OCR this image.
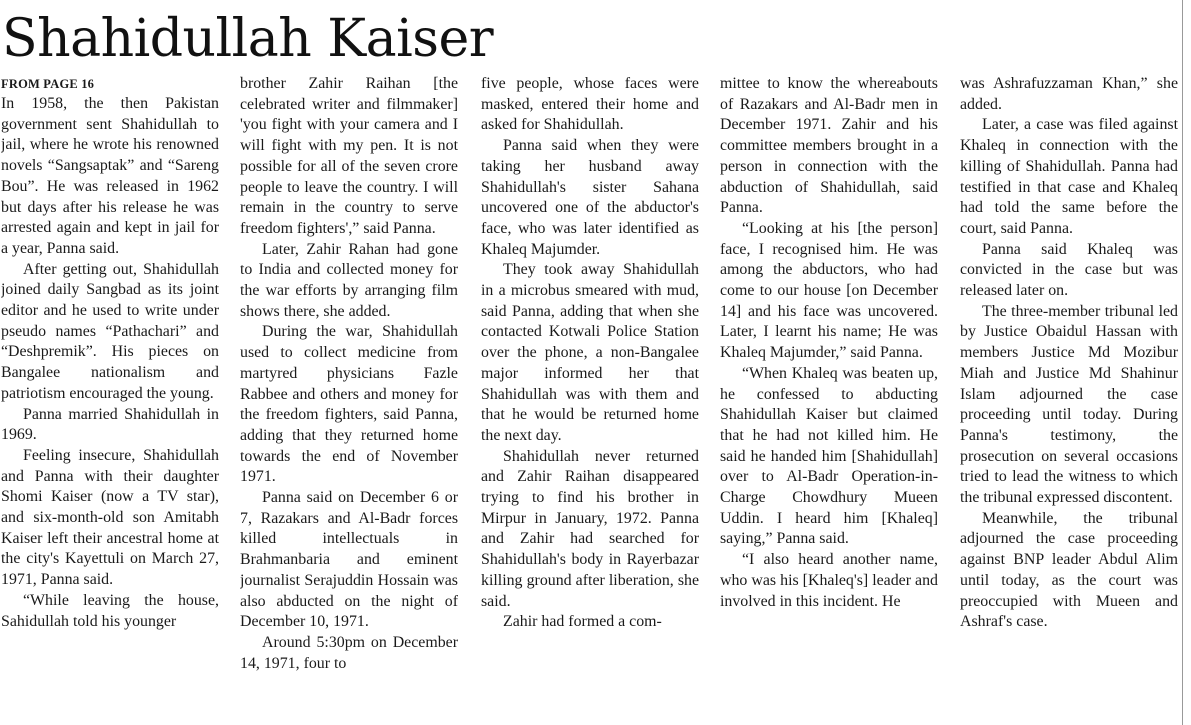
Shahidullah Kaiser
FROM PAGE 16

In 1958, the then Pakistan government sent Shahidullah to jail, where he wrote his renowned novels “Sangsaptak” and “Sareng Bou”. He was released in 1962 but days after his release he was arrested again and kept in jail for a year, Panna said.

After getting out, Shahidullah joined daily Sangbad as its joint editor and he used to write under pseudo names “Pathachari” and “Deshpremik”. His pieces on Bangalee nationalism and patriotism encouraged the young.

Panna married Shahidullah in 1969.

Feeling insecure, Shahidullah and Panna with their daughter Shomi Kaiser (now a TV star), and six-month-old son Amitabh Kaiser left their ancestral home at the city's Kayettuli on March 27, 1971, Panna said.

“While leaving the house, Sahidullah told his younger

brother Zahir Raihan [the celebrated writer and filmmaker] 'you fight with your camera and I will fight with my pen. It is not possible for all of the seven crore people to leave the country. I will remain in the country to serve freedom fighters',” said Panna.

Later, Zahir Rahan had gone to India and collected money for the war efforts by arranging film shows there, she added.

During the war, Shahidullah used to collect medicine from martyred physicians Fazle Rabbee and others and money for the freedom fighters, said Panna, adding that they returned home towards the end of November 1971.

Panna said on December 6 or 7, Razakars and Al-Badr forces killed intellectuals in Brahmanbaria and eminent journalist Serajuddin Hossain was also abducted on the night of December 10, 1971.

Around 5:30pm on December 14, 1971, four to

five people, whose faces were masked, entered their home and asked for Shahidullah.

Panna said when they were taking her husband away Shahidullah's sister Sahana uncovered one of the abductor's face, who was later identified as Khaleq Majumder.

They took away Shahidullah in a microbus smeared with mud, said Panna, adding that when she contacted Kotwali Police Station over the phone, a non-Bangalee major informed her that Shahidullah was with them and that he would be returned home the next day.

Shahidullah never returned and Zahir Raihan disappeared trying to find his brother in Mirpur in January, 1972. Panna and Zahir had searched for Shahidullah's body in Rayerbazar killing ground after liberation, she said.

Zahir had formed a com-

mittee to know the whereabouts of Razakars and Al-Badr men in December 1971. Zahir and his committee members brought in a person in connection with the abduction of Shahidullah, said Panna.

“Looking at his [the person] face, I recognised him. He was among the abductors, who had come to our house [on December 14] and his face was uncovered. Later, I learnt his name; He was Khaleq Majumder,” said Panna.

“When Khaleq was beaten up, he confessed to abducting Shahidullah Kaiser but claimed that he had not killed him. He said he handed him [Shahidullah] over to Al-Badr Operation-in-Charge Chowdhury Mueen Uddin. I heard him [Khaleq] saying,” Panna said.

“I also heard another name, who was his [Khaleq's] leader and involved in this incident. He

was Ashrafuzzaman Khan,” she added.

Later, a case was filed against Khaleq in connection with the killing of Shahidullah. Panna had testified in that case and Khaleq had told the same before the court, said Panna.

Panna said Khaleq was convicted in the case but was released later on.

The three-member tribunal led by Justice Obaidul Hassan with members Justice Md Mozibur Miah and Justice Md Shahinur Islam adjourned the case proceeding until today. During Panna's testimony, the prosecution on several occasions tried to lead the witness to which the tribunal expressed discontent.

Meanwhile, the tribunal adjourned the case proceeding against BNP leader Abdul Alim until today, as the court was preoccupied with Mueen and Ashraf's case.
